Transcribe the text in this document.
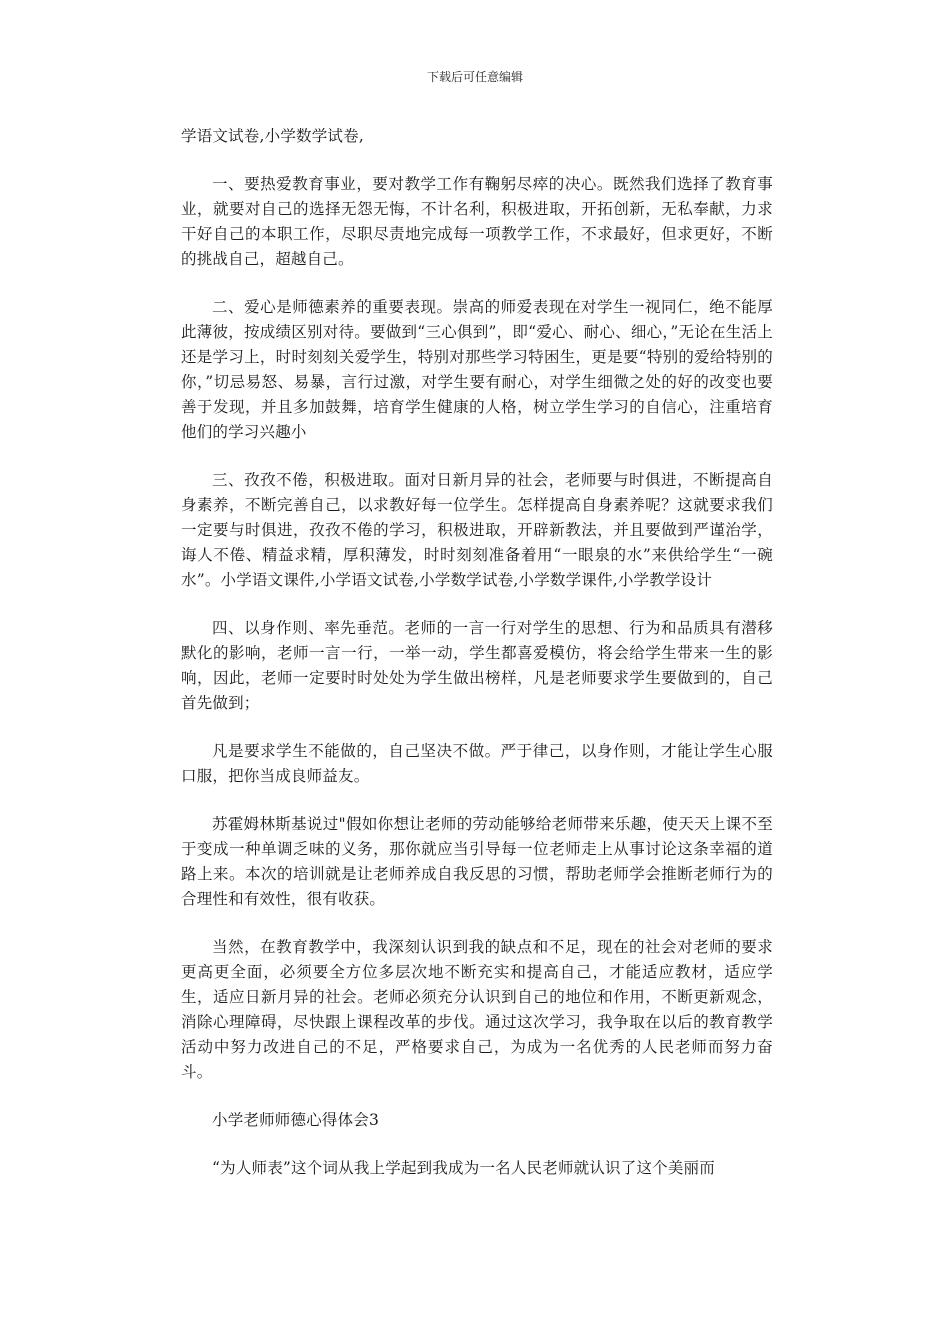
下载后可任意编辑

学语文试卷,小学数学试卷,

一、要热爱教育事业，要对教学工作有鞠躬尽瘁的决心。既然我们选择了教育事业，就要对自己的选择无怨无悔，不计名利，积极进取，开拓创新，无私奉献，力求干好自己的本职工作，尽职尽责地完成每一项教学工作，不求最好，但求更好，不断的挑战自己，超越自己。

二、爱心是师德素养的重要表现。崇高的师爱表现在对学生一视同仁，绝不能厚此薄彼，按成绩区别对待。要做到“三心俱到”，即“爱心、耐心、细心，”无论在生活上还是学习上，时时刻刻关爱学生，特别对那些学习特困生，更是要“特别的爱给特别的你，”切忌易怒、易暴，言行过激，对学生要有耐心，对学生细微之处的好的改变也要善于发现，并且多加鼓舞，培育学生健康的人格，树立学生学习的自信心，注重培育他们的学习兴趣小

三、孜孜不倦，积极进取。面对日新月异的社会，老师要与时俱进，不断提高自身素养，不断完善自己，以求教好每一位学生。怎样提高自身素养呢？这就要求我们一定要与时俱进，孜孜不倦的学习，积极进取，开辟新教法，并且要做到严谨治学，诲人不倦、精益求精，厚积薄发，时时刻刻准备着用“一眼泉的水”来供给学生“一碗水”。小学语文课件,小学语文试卷,小学数学试卷,小学数学课件,小学教学设计

四、以身作则、率先垂范。老师的一言一行对学生的思想、行为和品质具有潜移默化的影响，老师一言一行，一举一动，学生都喜爱模仿，将会给学生带来一生的影响，因此，老师一定要时时处处为学生做出榜样，凡是老师要求学生要做到的，自己首先做到；

凡是要求学生不能做的，自己坚决不做。严于律己，以身作则，才能让学生心服口服，把你当成良师益友。

苏霍姆林斯基说过"假如你想让老师的劳动能够给老师带来乐趣，使天天上课不至于变成一种单调乏味的义务，那你就应当引导每一位老师走上从事讨论这条幸福的道路上来。本次的培训就是让老师养成自我反思的习惯，帮助老师学会推断老师行为的合理性和有效性，很有收获。

当然，在教育教学中，我深刻认识到我的缺点和不足，现在的社会对老师的要求更高更全面，必须要全方位多层次地不断充实和提高自己，才能适应教材，适应学生，适应日新月异的社会。老师必须充分认识到自己的地位和作用，不断更新观念，消除心理障碍，尽快跟上课程改革的步伐。通过这次学习，我争取在以后的教育教学活动中努力改进自己的不足，严格要求自己，为成为一名优秀的人民老师而努力奋斗。

小学老师师德心得体会3

“为人师表”这个词从我上学起到我成为一名人民老师就认识了这个美丽而
